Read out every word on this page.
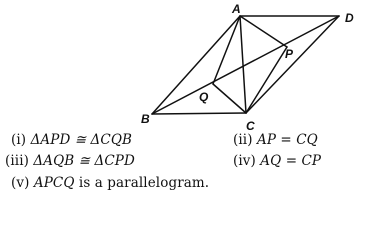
A
D
P
Q
B	C
(i) ΔAPD ≅ ΔCQB	(ii) AP = CQ
(iii) ΔAQB ≅ ΔCPD	(iv) AQ = CP
(v) APCQ is a parallelogram.
